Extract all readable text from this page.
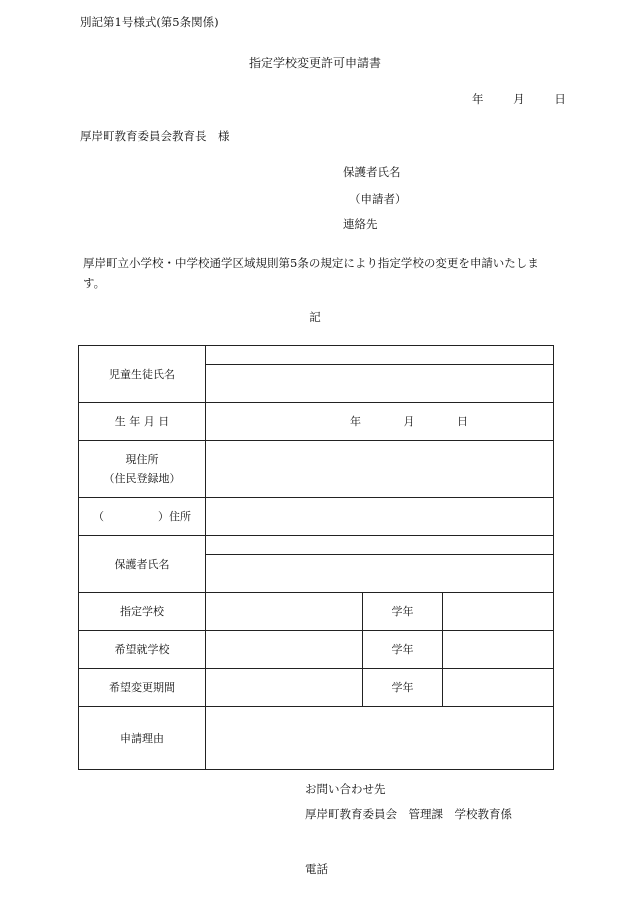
別記第1号様式(第5条関係)
指定学校変更許可申請書
年	月	日
厚岸町教育委員会教育長　様
保護者氏名
（申請者）
連絡先
厚岸町立小学校・中学校通学区域規則第5条の規定により指定学校の変更を申請いたします。
記
児童生徒氏名			

生 年 月 日	年 月 日		

現住所
（住民登録地）			

（ ）住所			
保護者氏名			

指定学校		学年	
希望就学校		学年	
希望変更期間		学年	
申請理由			
お問い合わせ先
厚岸町教育委員会　管理課　学校教育係
電話
